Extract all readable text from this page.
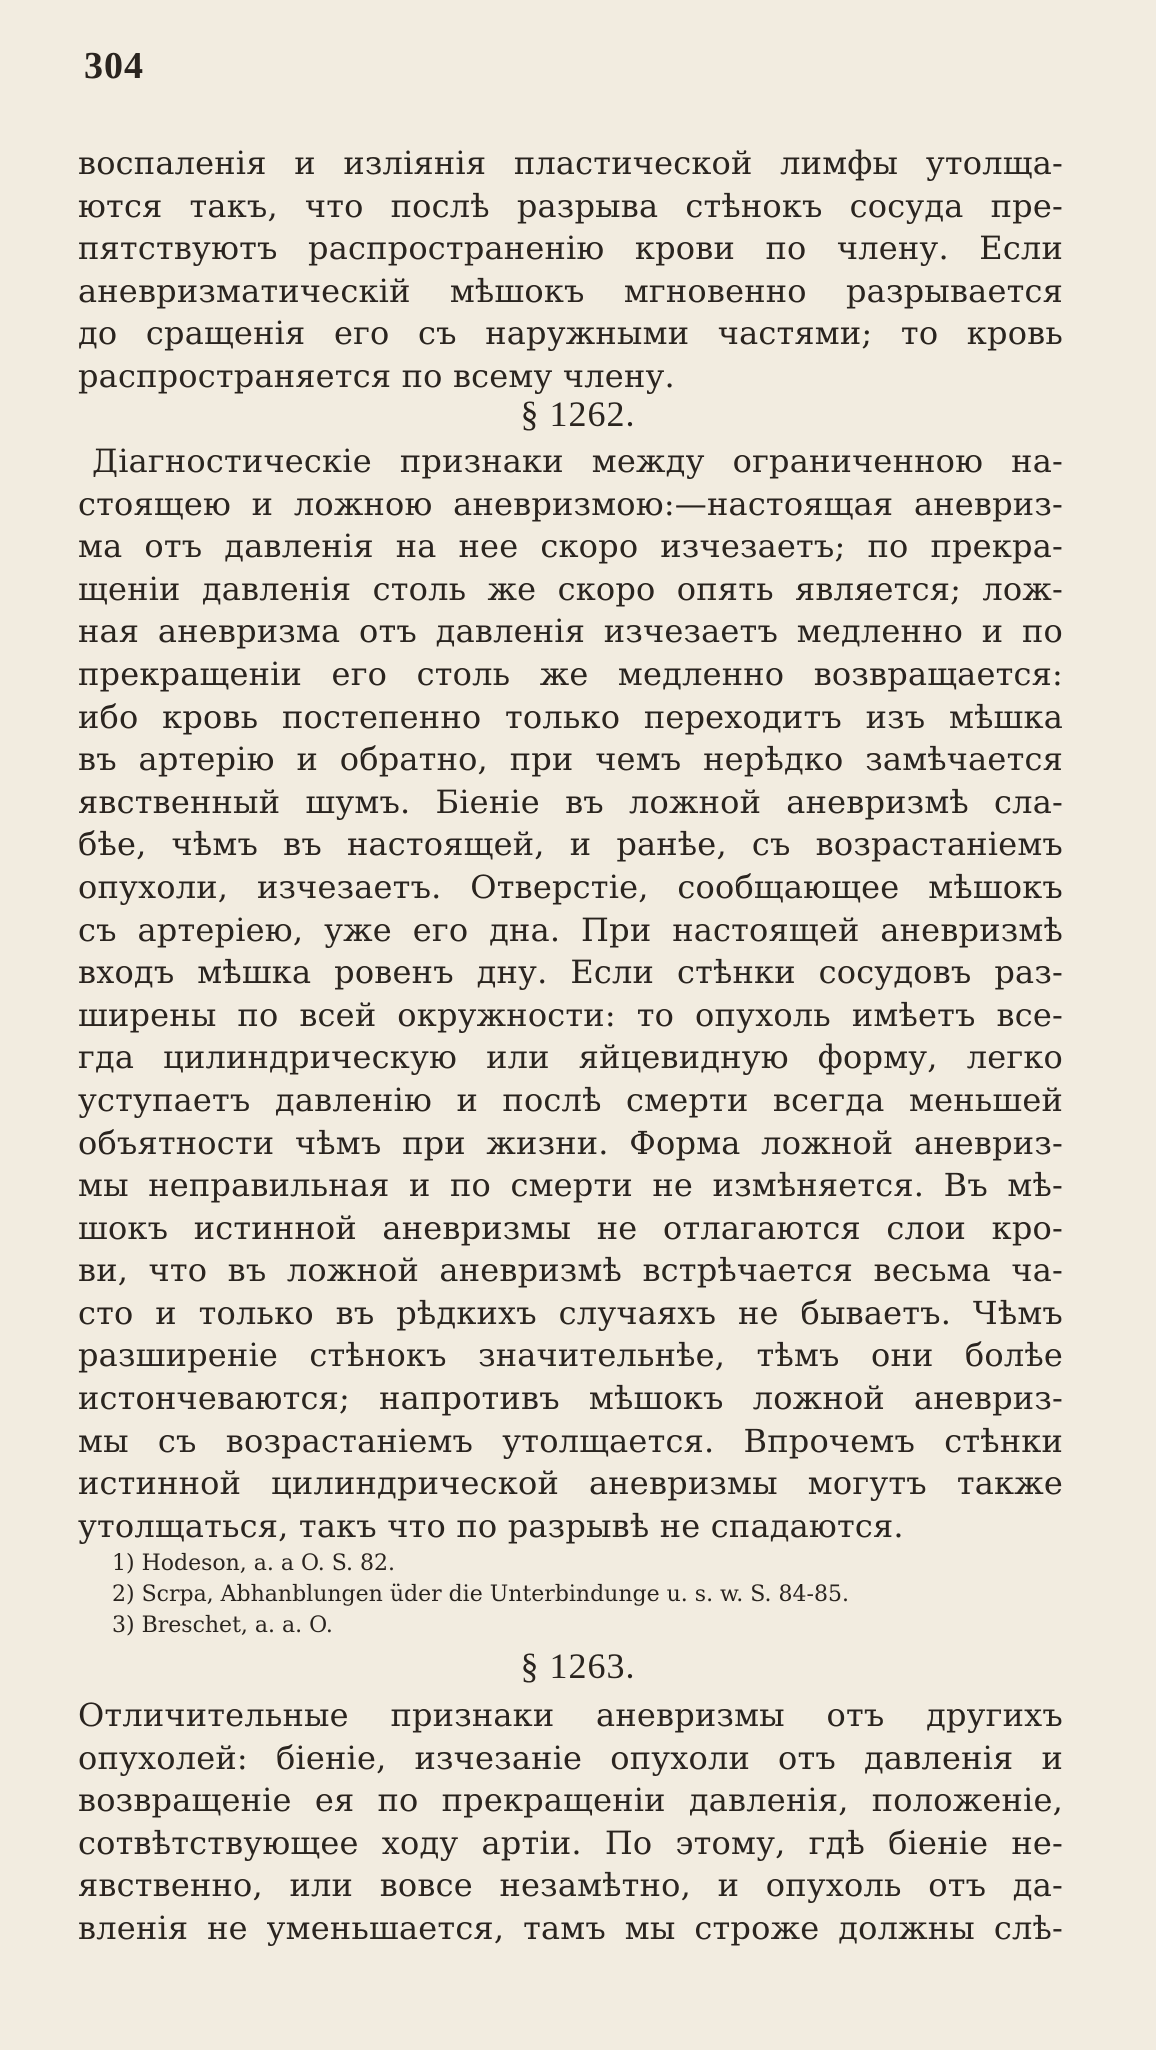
304
воспаленія и излiянiя пластической лимфы утолща-
ются такъ, что послѣ разрыва стѣнокъ сосуда пре-
пятствуютъ распространенію крови по члену. Если
аневризматическiй мѣшокъ мгновенно разрывается
до сращенія его съ наружными частями; то кровь
распространяется по всему члену.
§ 1262.
Діагностическіе признаки между ограниченною на-
стоящею и ложною аневризмою:—настоящая аневриз-
ма отъ давленія на нее скоро изчезаетъ; по прекра-
щеніи давленія столь же скоро опять является; лож-
ная аневризма отъ давленія изчезаетъ медленно и по
прекращеніи его столь же медленно возвращается:
ибо кровь постепенно только переходитъ изъ мѣшка
въ артерію и обратно, при чемъ нерѣдко замѣчается
явственный шумъ. Біеніе въ ложной аневризмѣ сла-
бѣе, чѣмъ въ настоящей, и ранѣе, съ возрастаніемъ
опухоли, изчезаетъ. Отверстіе, сообщающее мѣшокъ
съ артеріею, уже его дна. При настоящей аневризмѣ
входъ мѣшка ровенъ дну. Если стѣнки сосудовъ раз-
ширены по всей окружности: то опухоль имѣетъ все-
гда цилиндрическую или яйцевидную форму, легко
уступаетъ давленію и послѣ смерти всегда меньшей
объятности чѣмъ при жизни. Форма ложной аневриз-
мы неправильная и по смерти не измѣняется. Въ мѣ-
шокъ истинной аневризмы не отлагаются слои кро-
ви, что въ ложной аневризмѣ встрѣчается весьма ча-
сто и только въ рѣдкихъ случаяхъ не бываетъ. Чѣмъ
разширеніе стѣнокъ значительнѣе, тѣмъ они болѣе
истончеваются; напротивъ мѣшокъ ложной аневриз-
мы съ возрастаніемъ утолщается. Впрочемъ стѣнки
истинной цилиндрической аневризмы могутъ также
утолщаться, такъ что по разрывѣ не спадаются.
1) Hodeson, a. a O. S. 82.
2) Scrpa, Abhanblungen üder die Unterbindunge u. s. w. S. 84-85.
3) Breschet, a. a. O.
§ 1263.
Отличительные признаки аневризмы отъ другихъ
опухолей: біеніе, изчезаніе опухоли отъ давленія и
возвращеніе ея по прекращеніи давленія, положеніе,
сотвѣтствующее ходу артіи. По этому, гдѣ біеніе не-
явственно, или вовсе незамѣтно, и опухоль отъ да-
вленія не уменьшается, тамъ мы строже должны слѣ-
